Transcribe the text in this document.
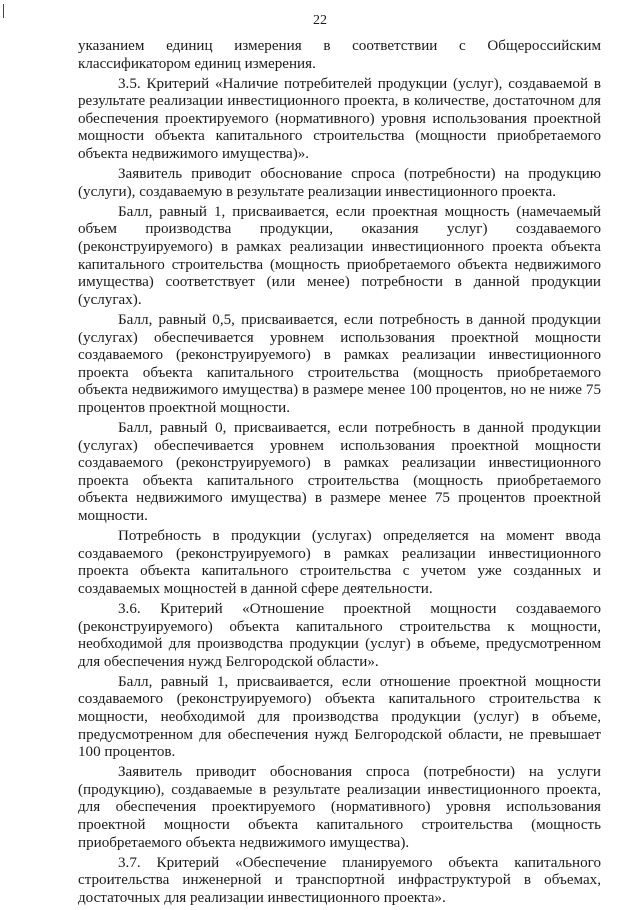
22

указанием единиц измерения в соответствии с Общероссийским классификатором единиц измерения.

3.5. Критерий «Наличие потребителей продукции (услуг), создаваемой в результате реализации инвестиционного проекта, в количестве, достаточном для обеспечения проектируемого (нормативного) уровня использования проектной мощности объекта капитального строительства (мощности приобретаемого объекта недвижимого имущества)».

Заявитель приводит обоснование спроса (потребности) на продукцию (услуги), создаваемую в результате реализации инвестиционного проекта.

Балл, равный 1, присваивается, если проектная мощность (намечаемый объем производства продукции, оказания услуг) создаваемого (реконструируемого) в рамках реализации инвестиционного проекта объекта капитального строительства (мощность приобретаемого объекта недвижимого имущества) соответствует (или менее) потребности в данной продукции (услугах).

Балл, равный 0,5, присваивается, если потребность в данной продукции (услугах) обеспечивается уровнем использования проектной мощности создаваемого (реконструируемого) в рамках реализации инвестиционного проекта объекта капитального строительства (мощность приобретаемого объекта недвижимого имущества) в размере менее 100 процентов, но не ниже 75 процентов проектной мощности.

Балл, равный 0, присваивается, если потребность в данной продукции (услугах) обеспечивается уровнем использования проектной мощности создаваемого (реконструируемого) в рамках реализации инвестиционного проекта объекта капитального строительства (мощность приобретаемого объекта недвижимого имущества) в размере менее 75 процентов проектной мощности.

Потребность в продукции (услугах) определяется на момент ввода создаваемого (реконструируемого) в рамках реализации инвестиционного проекта объекта капитального строительства с учетом уже созданных и создаваемых мощностей в данной сфере деятельности.

3.6. Критерий «Отношение проектной мощности создаваемого (реконструируемого) объекта капитального строительства к мощности, необходимой для производства продукции (услуг) в объеме, предусмотренном для обеспечения нужд Белгородской области».

Балл, равный 1, присваивается, если отношение проектной мощности создаваемого (реконструируемого) объекта капитального строительства к мощности, необходимой для производства продукции (услуг) в объеме, предусмотренном для обеспечения нужд Белгородской области, не превышает 100 процентов.

Заявитель приводит обоснования спроса (потребности) на услуги (продукцию), создаваемые в результате реализации инвестиционного проекта, для обеспечения проектируемого (нормативного) уровня использования проектной мощности объекта капитального строительства (мощность приобретаемого объекта недвижимого имущества).

3.7. Критерий «Обеспечение планируемого объекта капитального строительства инженерной и транспортной инфраструктурой в объемах, достаточных для реализации инвестиционного проекта».
